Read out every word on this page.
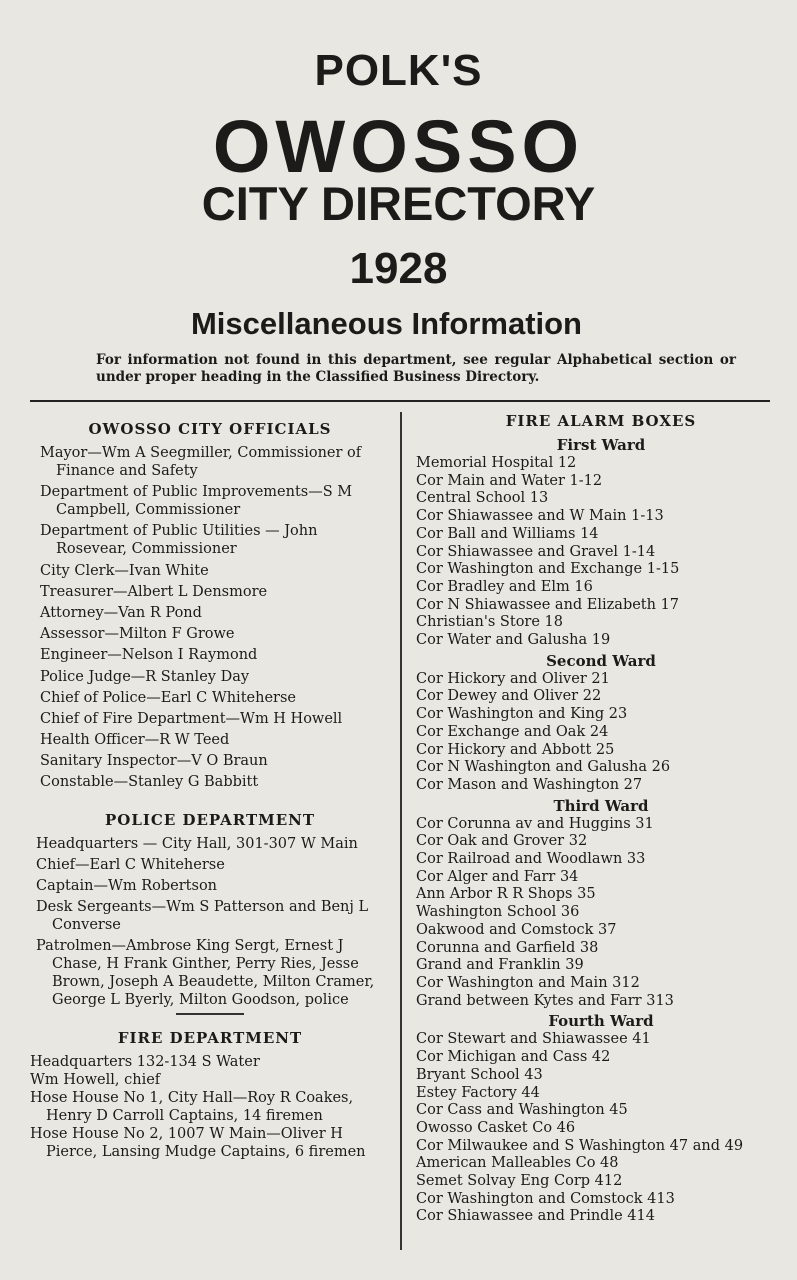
POLK'S
OWOSSO
CITY DIRECTORY
1928
Miscellaneous Information
For information not found in this department, see regular Alphabetical section or under proper heading in the Classified Business Directory.
OWOSSO CITY OFFICIALS
Mayor—Wm A Seegmiller, Commissioner of Finance and Safety
Department of Public Improvements—S M Campbell, Commissioner
Department of Public Utilities — John Rosevear, Commissioner
City Clerk—Ivan White
Treasurer—Albert L Densmore
Attorney—Van R Pond
Assessor—Milton F Growe
Engineer—Nelson I Raymond
Police Judge—R Stanley Day
Chief of Police—Earl C Whiteherse
Chief of Fire Department—Wm H Howell
Health Officer—R W Teed
Sanitary Inspector—V O Braun
Constable—Stanley G Babbitt
POLICE DEPARTMENT
Headquarters — City Hall, 301-307 W Main
Chief—Earl C Whiteherse
Captain—Wm Robertson
Desk Sergeants—Wm S Patterson and Benj L Converse
Patrolmen—Ambrose King Sergt, Ernest J Chase, H Frank Ginther, Perry Ries, Jesse Brown, Joseph A Beaudette, Milton Cramer, George L Byerly, Milton Goodson, police
FIRE DEPARTMENT
Headquarters 132-134 S Water
Wm Howell, chief
Hose House No 1, City Hall—Roy R Coakes, Henry D Carroll Captains, 14 firemen
Hose House No 2, 1007 W Main—Oliver H Pierce, Lansing Mudge Captains, 6 firemen
FIRE ALARM BOXES
First Ward
Memorial Hospital 12
Cor Main and Water 1-12
Central School 13
Cor Shiawassee and W Main 1-13
Cor Ball and Williams 14
Cor Shiawassee and Gravel 1-14
Cor Washington and Exchange 1-15
Cor Bradley and Elm 16
Cor N Shiawassee and Elizabeth 17
Christian's Store 18
Cor Water and Galusha 19
Second Ward
Cor Hickory and Oliver 21
Cor Dewey and Oliver 22
Cor Washington and King 23
Cor Exchange and Oak 24
Cor Hickory and Abbott 25
Cor N Washington and Galusha 26
Cor Mason and Washington 27
Third Ward
Cor Corunna av and Huggins 31
Cor Oak and Grover 32
Cor Railroad and Woodlawn 33
Cor Alger and Farr 34
Ann Arbor R R Shops 35
Washington School 36
Oakwood and Comstock 37
Corunna and Garfield 38
Grand and Franklin 39
Cor Washington and Main 312
Grand between Kytes and Farr 313
Fourth Ward
Cor Stewart and Shiawassee 41
Cor Michigan and Cass 42
Bryant School 43
Estey Factory 44
Cor Cass and Washington 45
Owosso Casket Co 46
Cor Milwaukee and S Washington 47 and 49
American Malleables Co 48
Semet Solvay Eng Corp 412
Cor Washington and Comstock 413
Cor Shiawassee and Prindle 414
